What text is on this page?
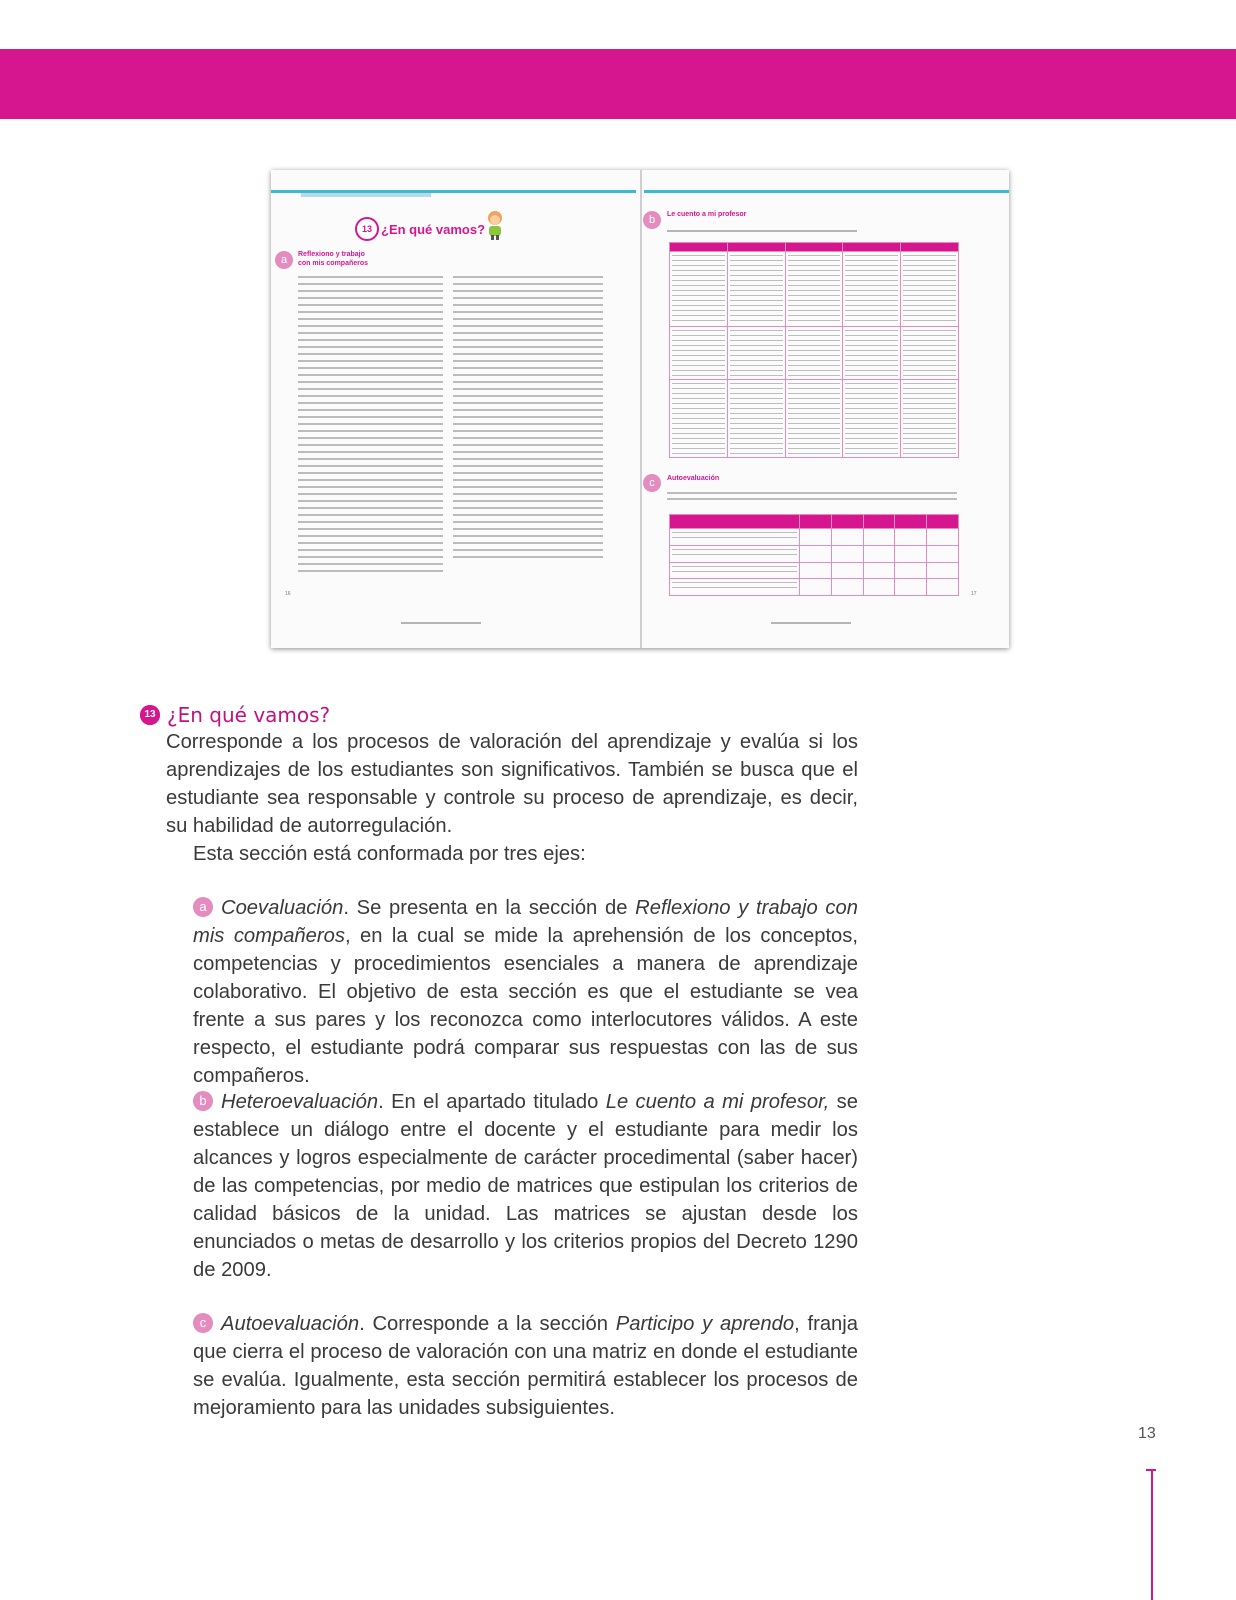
13 ¿En qué vamos?
a	Reflexiono y trabajo
con mis compañeros
16
b	Le cuento a mi profesor

c	Autoevaluación

17
13 ¿En qué vamos?

Corresponde a los procesos de valoración del aprendizaje y evalúa si los aprendizajes de los estudiantes son significativos. También se busca que el estudiante sea responsable y controle su proceso de aprendizaje, es decir, su habilidad de autorregulación.

Esta sección está conformada por tres ejes:

a Coevaluación. Se presenta en la sección de Reflexiono y trabajo con mis compañeros, en la cual se mide la aprehensión de los conceptos, competencias y procedimientos esenciales a manera de aprendizaje colaborativo. El objetivo de esta sección es que el estudiante se vea frente a sus pares y los reconozca como interlocutores válidos. A este respecto, el estudiante podrá comparar sus respuestas con las de sus compañeros.

b Heteroevaluación. En el apartado titulado Le cuento a mi profesor, se establece un diálogo entre el docente y el estudiante para medir los alcances y logros especialmente de carácter procedimental (saber hacer) de las competencias, por medio de matrices que estipulan los criterios de calidad básicos de la unidad. Las matrices se ajustan desde los enunciados o metas de desarrollo y los criterios propios del Decreto 1290 de 2009.

c Autoevaluación. Corresponde a la sección Participo y aprendo, franja que cierra el proceso de valoración con una matriz en donde el estudiante se evalúa. Igualmente, esta sección permitirá establecer los procesos de mejoramiento para las unidades subsiguientes.

13
